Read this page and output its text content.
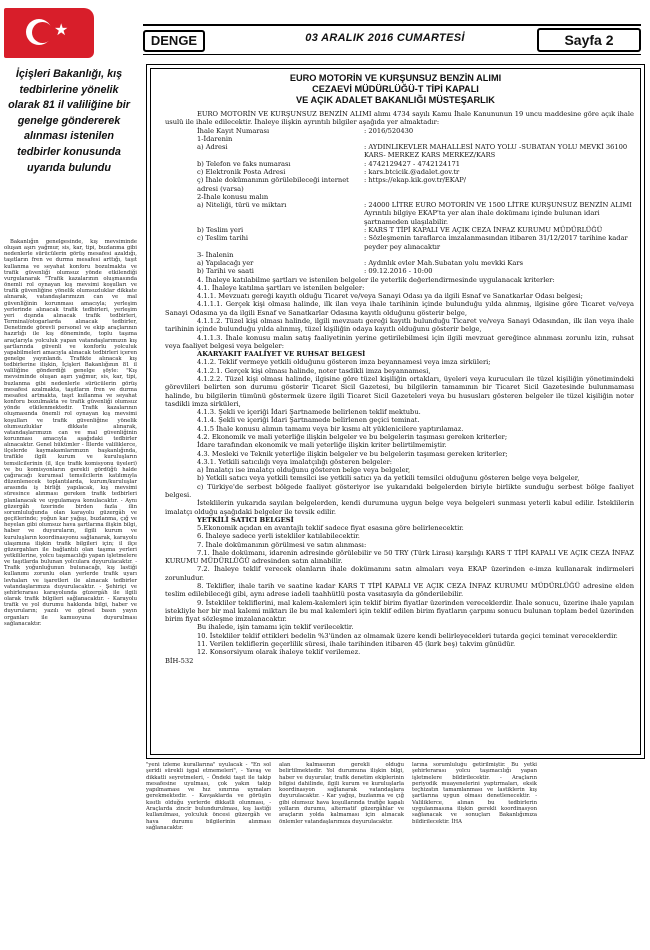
★
DENGE	03 ARALIK 2016 CUMARTESİ	Sayfa 2
İçişleri Bakanlığı, kış tedbirlerine yönelik olarak 81 il valiliğine bir genelge göndererek alınması istenilen tedbirler konusunda uyarıda bulundu

Bakanlığın genelgesinde, kış mevsiminde oluşan aşırı yağmur, sis, kar, tipi, buzlanma gibi nedenlerle sürücülerin görüş mesafesi azaldığı, taşıtların fren ve durma mesafesi arttığı, taşıt kullanma ve seyahat konforu bozulmakta ve trafik güvenliği olumsuz yönde etkilendiği vurgulanarak "Trafik kazalarının oluşmasında önemli rol oynayan kış mevsimi koşulları ve trafik güvenliğine yönelik olumsuzluklar dikkate alınarak, vatandaşlarımızın can ve mal güvenliğinin korunması amacıyla; yerleşim yerlerinde alınacak trafik tedbirleri, yerleşim yeri dışında alınacak trafik tedbirleri, Terminal/otogarlarda alınacak tedbirler, Denetimde görevli personel ve ekip araçlarının hazırlığı ile kış döneminde, toplu taşıma araçlarıyla yolculuk yapan vatandaşlarımızın kış şartlarında güvenli ve konforlu yolculuk yapabilmeleri amacıyla alınacak tedbirleri içeren genelge yayınlandı. Trafikte alınacak kış tedbirlerine ilişkin, İçişleri Bakanlığının 81 il valiliğine gönderdiği genelge şöyle: "Kış mevsiminde oluşan aşırı yağmur, sis, kar, tipi, buzlanma gibi nedenlerle sürücülerin görüş mesafesi azalmakta, taşıtların fren ve durma mesafesi artmakta, taşıt kullanma ve seyahat konforu bozulmakta ve trafik güvenliği olumsuz yönde etkilenmektedir. Trafik kazalarının oluşmasında önemli rol oynayan kış mevsimi koşulları ve trafik güvenliğine yönelik olumsuzluklar dikkate alınarak, vatandaşlarımızın can ve mal güvenliğinin korunması amacıyla aşağıdaki tedbirler alınacaktır. Genel hükümler - İllerde valiliklerce, ilçelerde kaymakamlarımızın başkanlığında, trafikle ilgili kurum ve kuruluşların temsilcilerinin (il, ilçe trafik komisyonu üyeleri) ve bu komisyonların gerekli gördüğü halde çağıracağı kurumsal temsilcilerin katılımıyla düzenlenecek toplantılarda, kurum/kuruluşlar arasında iş birliği yapılacak, kış mevsimi süresince alınması gereken trafik tedbirleri planlanacak ve uygulamaya konulacaktır. - Aynı güzergâh üzerinde birden fazla ilin sorumluluğunda olan karayolu güzergâh ve geçitlerinde; yoğun kar yağışı, buzlanma, çığ ve heyelan gibi olumsuz hava şartlarına ilişkin bilgi, haber ve duyuruların, ilgili kurum ve kuruluşların koordinasyonu sağlanarak, karayolu ulaşımına ilişkin trafik bilgileri için; il ilçe güzergahları ile bağlantılı olan taşıma yerleri yetkililerine, yolcu taşımacılığı yapan işletmelere ve taşıtlarda bulunan yolculara duyurulacaktır. - Trafik yoğunluğunun bulunacağı, kış lastiği kullanımı zorunlu olan yerlerde trafik uyarı levhaları ve işaretleri ile alınacak tedbirler vatandaşlarımıza duyurulacaktır. - Şehiriçi ve şehirlerarası karayolunda güzergâh ile ilgili olarak trafik bilgileri sağlanacaktır. - Karayolu trafik ve yol durumu hakkında bilgi, haber ve duyuruların; yazılı ve görsel basın yayın organları ile kamuoyuna duyurulması sağlanacaktır.

EURO MOTORİN VE KURŞUNSUZ BENZİN ALIMI
CEZAEVİ MÜDÜRLÜĞÜ-T TİPİ KAPALI
VE AÇIK ADALET BAKANLIĞI MÜSTEŞARLIK

EURO MOTORİN VE KURŞUNSUZ BENZİN ALIMI alımı 4734 sayılı Kamu İhale Kanununun 19 uncu maddesine göre açık ihale usulü ile ihale edilecektir. İhaleye ilişkin ayrıntılı bilgiler aşağıda yer almaktadır:

İhale Kayıt Numarası	: 2016/520430

1-İdarenin

a) Adresi	: AYDINLIKEVLER MAHALLESİ NATO YOLU -SUBATAN YOLU MEVKİ 36100 KARS- MERKEZ KARS MERKEZ/KARS
b) Telefon ve faks numarası	: 4742129427 - 4742124171
c) Elektronik Posta Adresi	: kars.btcicik.@adalet.gov.tr
ç) İhale dokümanının görülebileceği internet adresi (varsa)
: https://ekap.kik.gov.tr/EKAP/

2-İhale konusu malın

a) Niteliği, türü ve miktarı	: 24000 LİTRE EURO MOTORİN VE 1500 LİTRE KURŞUNSUZ BENZİN ALIMI
Ayrıntılı bilgiye EKAP'ta yer alan ihale dokümanı içinde bulunan idari şartnameden ulaşılabilir.
b) Teslim yeri	: KARS T TİPİ KAPALI VE AÇIK CEZA İNFAZ KURUMU MÜDÜRLÜĞÜ
c) Teslim tarihi	: Sözleşmenin taraflarca imzalanmasından itibaren 31/12/2017 tarihine kadar peyder pey alınacaktır

3- İhalenin

a) Yapılacağı yer	: Aydınlık evler Mah.Subatan yolu mevkki Kars
b) Tarihi ve saati	: 09.12.2016 - 10:00

4. İhaleye katılabilme şartları ve istenilen belgeler ile yeterlik değerlendirmesinde uygulanacak kriterler:

4.1. İhaleye katılma şartları ve istenilen belgeler:

4.1.1. Mevzuatı gereği kayıtlı olduğu Ticaret ve/veya Sanayi Odası ya da ilgili Esnaf ve Sanatkarlar Odası belgesi;

4.1.1.1. Gerçek kişi olması halinde, ilk ilan veya ihale tarihinin içinde bulunduğu yılda alınmış, ilgisine göre Ticaret ve/veya Sanayi Odasına ya da ilgili Esnaf ve Sanatkarlar Odasına kayıtlı olduğunu gösterir belge,

4.1.1.2. Tüzel kişi olması halinde, ilgili mevzuatı gereği kayıtlı bulunduğu Ticaret ve/veya Sanayi Odasından, ilk ilan veya ihale tarihinin içinde bulunduğu yılda alınmış, tüzel kişiliğin odaya kayıtlı olduğunu gösterir belge,

4.1.1.3. İhale konusu malın satış faaliyetinin yerine getirilebilmesi için ilgili mevzuat gereğince alınması zorunlu izin, ruhsat veya faaliyet belgesi veya belgeler:

AKARYAKIT FAALİYET VE RUHSAT BELGESİ

4.1.2. Teklif vermeye yetkili olduğunu gösteren imza beyannamesi veya imza sirküleri;

4.1.2.1. Gerçek kişi olması halinde, noter tasdikli imza beyannamesi,

4.1.2.2. Tüzel kişi olması halinde, ilgisine göre tüzel kişiliğin ortakları, üyeleri veya kurucuları ile tüzel kişiliğin yönetimindeki görevlileri belirten son durumu gösterir Ticaret Sicil Gazetesi, bu bilgilerin tamamının bir Ticaret Sicil Gazetesinde bulunmaması halinde, bu bilgilerin tümünü göstermek üzere ilgili Ticaret Sicil Gazeteleri veya bu hususları gösteren belgeler ile tüzel kişiliğin noter tasdikli imza sirküleri,

4.1.3. Şekli ve içeriği İdari Şartnamede belirlenen teklif mektubu.

4.1.4. Şekli ve içeriği İdari Şartnamede belirlenen geçici teminat.

4.1.5 İhale konusu alımın tamamı veya bir kısmı alt yüklenicilere yaptırılamaz.

4.2. Ekonomik ve mali yeterliğe ilişkin belgeler ve bu belgelerin taşıması gereken kriterler;

İdare tarafından ekonomik ve mali yeterliğe ilişkin kriter belirtilmemiştir.

4.3. Mesleki ve Teknik yeterliğe ilişkin belgeler ve bu belgelerin taşıması gereken kriterler;

4.3.1. Yetkili satıcılığı veya imalatçılığı gösteren belgeler:

a) İmalatçı ise imalatçı olduğunu gösteren belge veya belgeler,

b) Yetkili satıcı veya yetkili temsilci ise yetkili satıcı ya da yetkili temsilci olduğunu gösteren belge veya belgeler,

c) Türkiye'de serbest bölgede faaliyet gösteriyor ise yukarıdaki belgelerden biriyle birlikte sunduğu serbest bölge faaliyet belgesi.

İsteklilerin yukarıda sayılan belgelerden, kendi durumuna uygun belge veya belgeleri sunması yeterli kabul edilir. İsteklilerin imalatçı olduğu aşağıdaki belgeler ile tevsik edilir.

YETKİLİ SATICI BELGESİ

5.Ekonomik açıdan en avantajlı teklif sadece fiyat esasına göre belirlenecektir.

6. İhaleye sadece yerli istekliler katılabilecektir.

7. İhale dokümanının görülmesi ve satın alınması:

7.1. İhale dokümanı, idarenin adresinde görülebilir ve 50 TRY (Türk Lirası) karşılığı KARS T TİPİ KAPALI VE AÇIK CEZA İNFAZ KURUMU MÜDÜRLÜĞÜ adresinden satın alınabilir.

7.2. İhaleye teklif verecek olanların ihale dokümanını satın almaları veya EKAP üzerinden e-imza kullanarak indirmeleri zorunludur.

8. Teklifler, ihale tarih ve saatine kadar KARS T TİPİ KAPALI VE AÇIK CEZA İNFAZ KURUMU MÜDÜRLÜĞÜ adresine elden teslim edilebileceği gibi, aynı adrese iadeli taahhütlü posta vasıtasıyla da gönderilebilir.

9. İstekliler tekliflerini, mal kalem-kalemleri için teklif birim fiyatlar üzerinden vereceklerdir. İhale sonucu, üzerine ihale yapılan istekliyle her bir mal kalemi miktarı ile bu mal kalemleri için teklif edilen birim fiyatların çarpımı sonucu bulunan toplam bedel üzerinden birim fiyat sözleşme imzalanacaktır.

Bu ihalede, işin tamamı için teklif verilecektir.

10. İstekliler teklif ettikleri bedelin %3'ünden az olmamak üzere kendi belirleyecekleri tutarda geçici teminat vereceklerdir.

11. Verilen tekliflerin geçerlilik süresi, ihale tarihinden itibaren 45 (kırk beş) takvim günüdür.

12. Konsorsiyum olarak ihaleye teklif verilemez.

BİH-532

"yeni izleme kurallarına" uyulacak - "En sol şeridi sürekli işgal etmemeleri", - Yavaş ve dikkatli seyretmeleri, - Öndeki taşıt ile takip mesafesine uyulması, çok yakın takip yapılmaması ve hız sınırına uymaları gerekmektedir. - Kavşaklarda ve görüşün kısıtlı olduğu yerlerde dikkatli olunması, - Araçlarda zincir bulundurulması, kış lastiği kullanılması, yolculuk öncesi güzergâh ve hava durumu bilgilerinin alınması sağlanacaktır.

alan kalmasının gerekli olduğu belirtilmektedir. Yol durumuna ilişkin bilgi, haber ve duyurular, trafik denetim ekiplerinin bilgisi dahilinde, ilgili kurum ve kuruluşlarla koordinasyon sağlanarak vatandaşlara duyurulacaktır. - Kar yağışı, buzlanma ve çığ gibi olumsuz hava koşullarında trafiğe kapalı yolların durumu, alternatif güzergâhlar ve araçların yolda kalmaması için alınacak önlemler vatandaşlarımıza duyurulacaktır.

larına sorumluluğu getirilmiştir. Bu yetki şehirlerarası yolcu taşımacılığı yapan işletmelere bildirilecektir. - Araçların periyodik muayenelerini yaptırmaları, eksik teçhizatın tamamlanması ve lastiklerin kış şartlarına uygun olması denetlenecektir. - Valiliklerce, alınan bu tedbirlerin uygulanmasına ilişkin gerekli koordinasyon sağlanacak ve sonuçları Bakanlığımıza bildirilecektir. İHA
